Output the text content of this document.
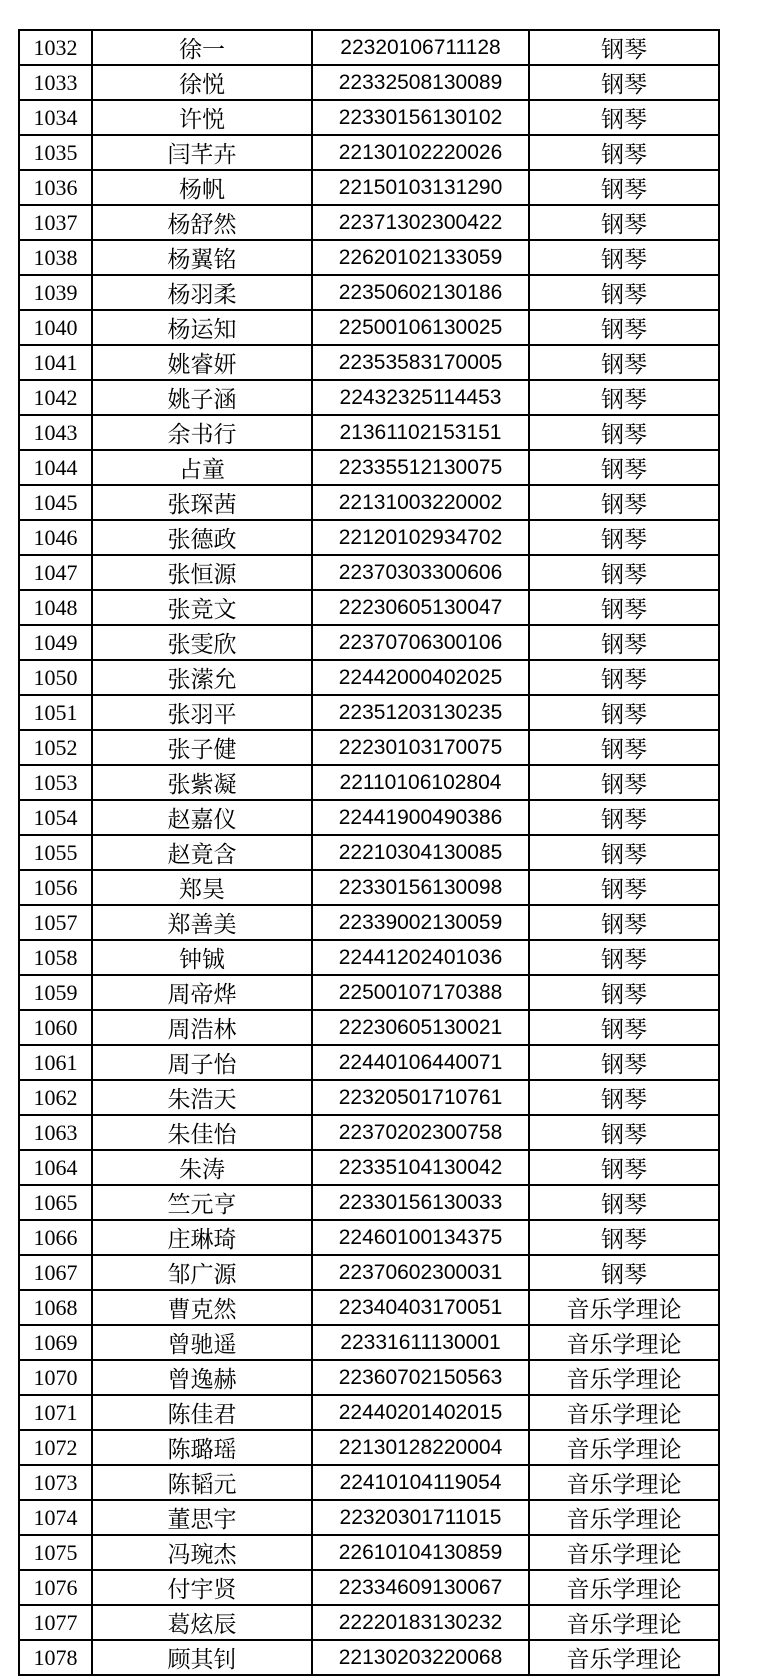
1032	徐一	22320106711128	钢琴
1033	徐悦	22332508130089	钢琴
1034	许悦	22330156130102	钢琴
1035	闫芊卉	22130102220026	钢琴
1036	杨帆	22150103131290	钢琴
1037	杨舒然	22371302300422	钢琴
1038	杨翼铭	22620102133059	钢琴
1039	杨羽柔	22350602130186	钢琴
1040	杨运知	22500106130025	钢琴
1041	姚睿妍	22353583170005	钢琴
1042	姚子涵	22432325114453	钢琴
1043	余书行	21361102153151	钢琴
1044	占童	22335512130075	钢琴
1045	张琛茜	22131003220002	钢琴
1046	张德政	22120102934702	钢琴
1047	张恒源	22370303300606	钢琴
1048	张竞文	22230605130047	钢琴
1049	张雯欣	22370706300106	钢琴
1050	张潆允	22442000402025	钢琴
1051	张羽平	22351203130235	钢琴
1052	张子健	22230103170075	钢琴
1053	张紫凝	22110106102804	钢琴
1054	赵嘉仪	22441900490386	钢琴
1055	赵竟含	22210304130085	钢琴
1056	郑昊	22330156130098	钢琴
1057	郑善美	22339002130059	钢琴
1058	钟铖	22441202401036	钢琴
1059	周帝烨	22500107170388	钢琴
1060	周浩林	22230605130021	钢琴
1061	周子怡	22440106440071	钢琴
1062	朱浩天	22320501710761	钢琴
1063	朱佳怡	22370202300758	钢琴
1064	朱涛	22335104130042	钢琴
1065	竺元亨	22330156130033	钢琴
1066	庄琳琦	22460100134375	钢琴
1067	邹广源	22370602300031	钢琴
1068	曹克然	22340403170051	音乐学理论
1069	曾驰遥	22331611130001	音乐学理论
1070	曾逸赫	22360702150563	音乐学理论
1071	陈佳君	22440201402015	音乐学理论
1072	陈璐瑶	22130128220004	音乐学理论
1073	陈韬元	22410104119054	音乐学理论
1074	董思宇	22320301711015	音乐学理论
1075	冯琬杰	22610104130859	音乐学理论
1076	付宇贤	22334609130067	音乐学理论
1077	葛炫辰	22220183130232	音乐学理论
1078	顾其钊	22130203220068	音乐学理论
